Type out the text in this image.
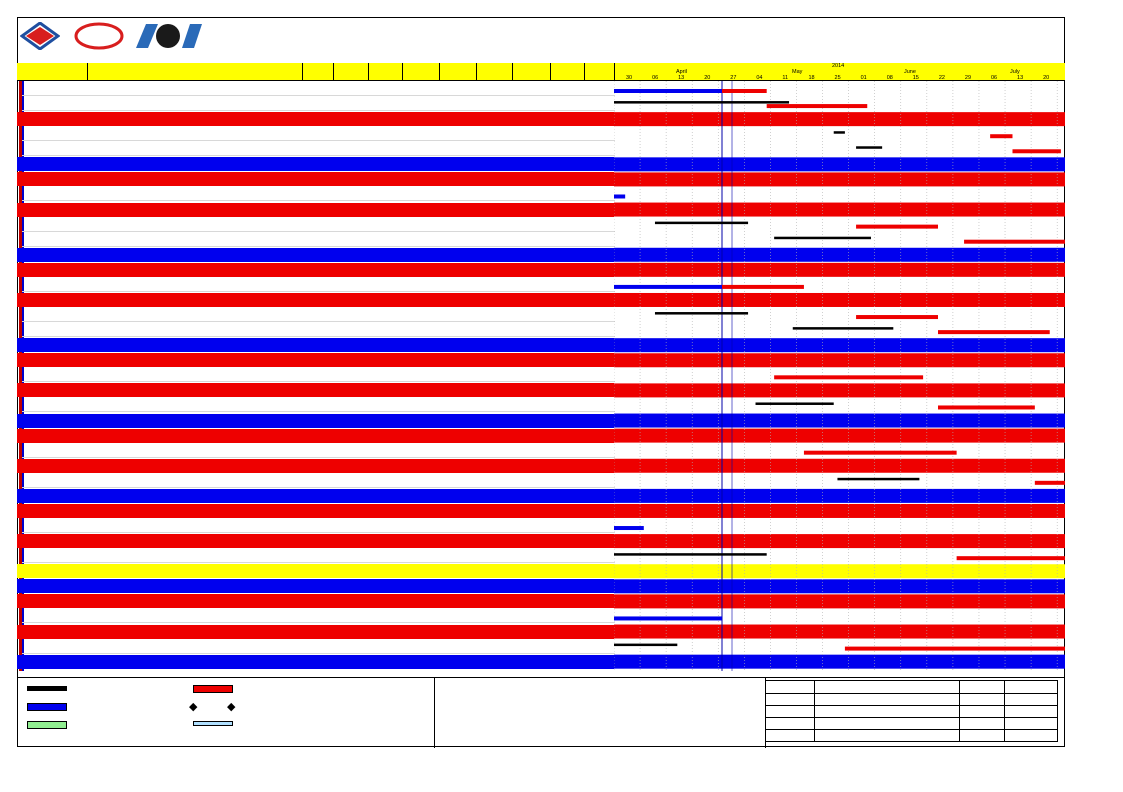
2014
April	May	June	July
30	06	13	20	27	04	11	18	25	01	08	15	22	29	06	13	20
◆	◆
